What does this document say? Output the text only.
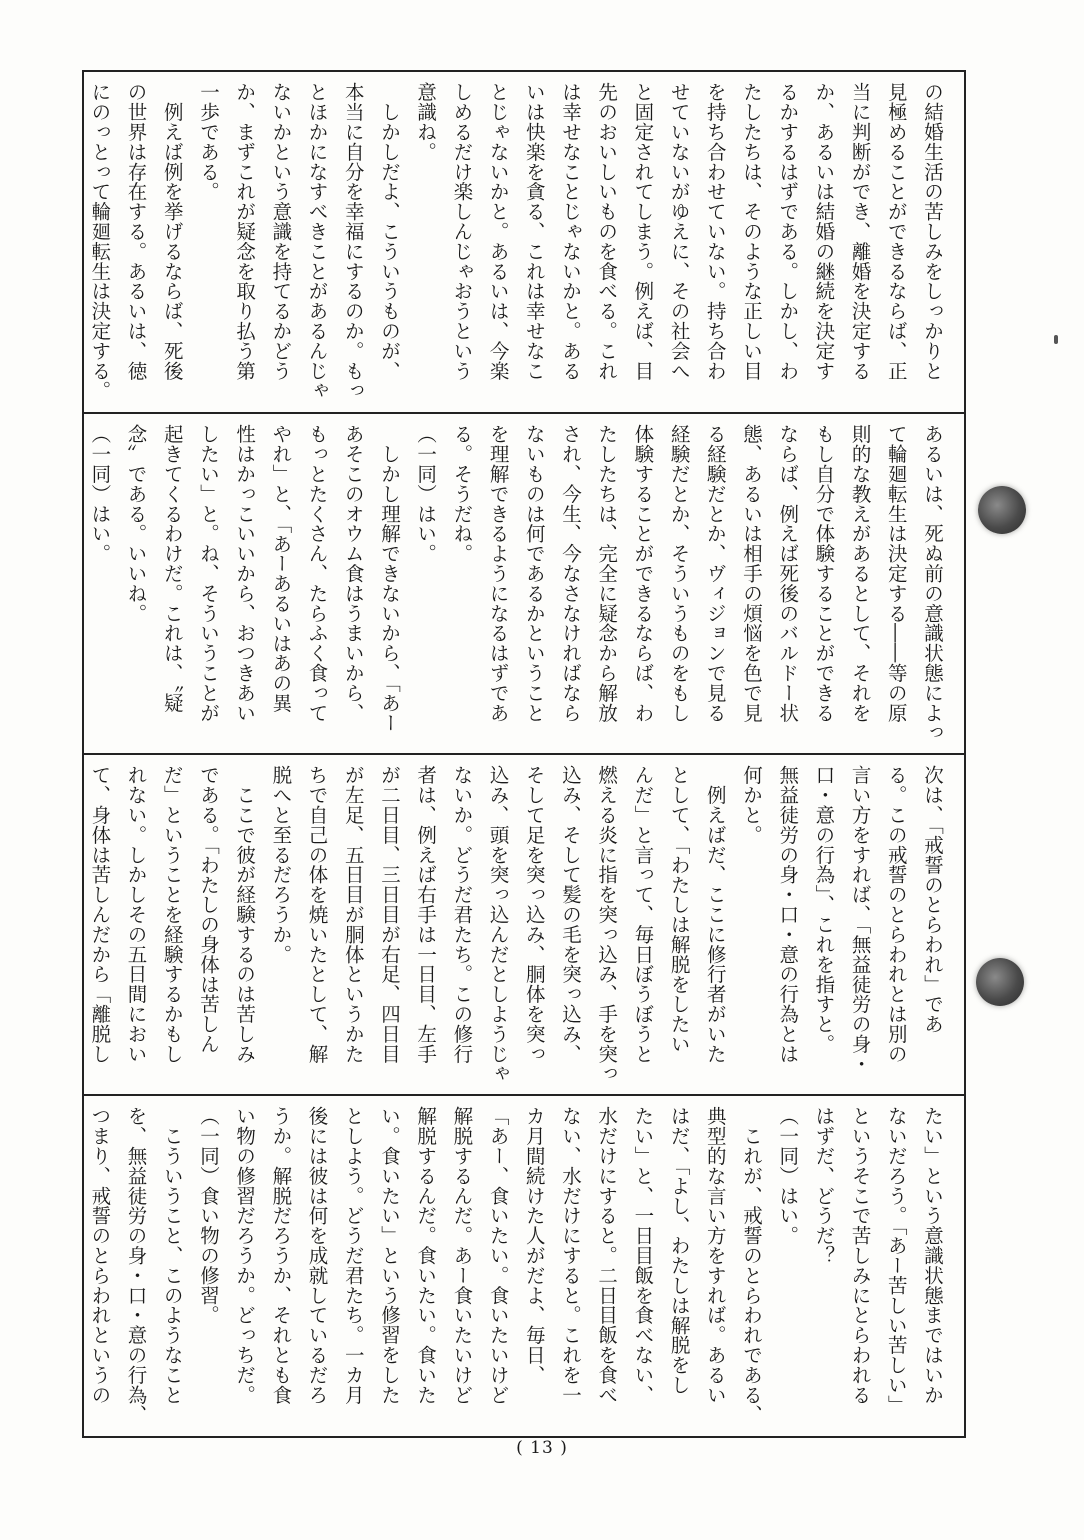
の結婚生活の苦しみをしっかりと
見極めることができるならば、正
当に判断ができ、離婚を決定する
か、あるいは結婚の継続を決定す
るかするはずである。しかし、わ
たしたちは、そのような正しい目
を持ち合わせていない。持ち合わ
せていないがゆえに、その社会へ
と固定されてしまう。例えば、目
先のおいしいものを食べる。これ
は幸せなことじゃないかと。ある
いは快楽を貪る、これは幸せなこ
とじゃないかと。あるいは、今楽
しめるだけ楽しんじゃおうという
意識ね。
　しかしだよ、こういうものが、
本当に自分を幸福にするのか。もっ
とほかになすべきことがあるんじゃ
ないかという意識を持てるかどう
か、まずこれが疑念を取り払う第
一歩である。
　例えば例を挙げるならば、死後
の世界は存在する。あるいは、徳
にのっとって輪廻転生は決定する。
あるいは、死ぬ前の意識状態によっ
て輪廻転生は決定する――等の原
則的な教えがあるとして、それを
もし自分で体験することができる
ならば、例えば死後のバルドー状
態、あるいは相手の煩悩を色で見
る経験だとか、ヴィジョンで見る
経験だとか、そういうものをもし
体験することができるならば、わ
たしたちは、完全に疑念から解放
され、今生、今なさなければなら
ないものは何であるかということ
を理解できるようになるはずであ
る。そうだね。
（一同）はい。
　しかし理解できないから、「あー
あそこのオウム食はうまいから、
もっとたくさん、たらふく食って
やれ」と、「あーあるいはあの異
性はかっこいいから、おつきあい
したい」と。ね、そういうことが
起きてくるわけだ。これは、〝疑
念〟である。いいね。
（一同）はい。
次は、「戒誓のとらわれ」であ
る。この戒誓のとらわれとは別の
言い方をすれば、「無益徒労の身・
口・意の行為」、これを指すと。
無益徒労の身・口・意の行為とは
何かと。
　例えばだ、ここに修行者がいた
として、「わたしは解脱をしたい
んだ」と言って、毎日ぼうぼうと
燃える炎に指を突っ込み、手を突っ
込み、そして髪の毛を突っ込み、
そして足を突っ込み、胴体を突っ
込み、頭を突っ込んだとしようじゃ
ないか。どうだ君たち。この修行
者は、例えば右手は一日目、左手
が二日目、三日目が右足、四日目
が左足、五日目が胴体というかた
ちで自己の体を焼いたとして、解
脱へと至るだろうか。
　ここで彼が経験するのは苦しみ
である。「わたしの身体は苦しん
だ」ということを経験するかもし
れない。しかしその五日間におい
て、身体は苦しんだから「離脱し
たい」という意識状態まではいか
ないだろう。「あー苦しい苦しい」
というそこで苦しみにとらわれる
はずだ、どうだ？
（一同）はい。
　これが、戒誓のとらわれである、
典型的な言い方をすれば。あるい
はだ、「よし、わたしは解脱をし
たい」と、一日目飯を食べない、
水だけにすると。二日目飯を食べ
ない、水だけにすると。これを一
カ月間続けた人がだよ、毎日、
「あー、食いたい。食いたいけど
解脱するんだ。あー食いたいけど
解脱するんだ。食いたい。食いた
い。食いたい」という修習をした
としよう。どうだ君たち。一カ月
後には彼は何を成就しているだろ
うか。解脱だろうか、それとも食
い物の修習だろうか。どっちだ。
（一同）食い物の修習。
　こういうこと、このようなこと
を、無益徒労の身・口・意の行為、
つまり、戒誓のとらわれというの
( 13 )
